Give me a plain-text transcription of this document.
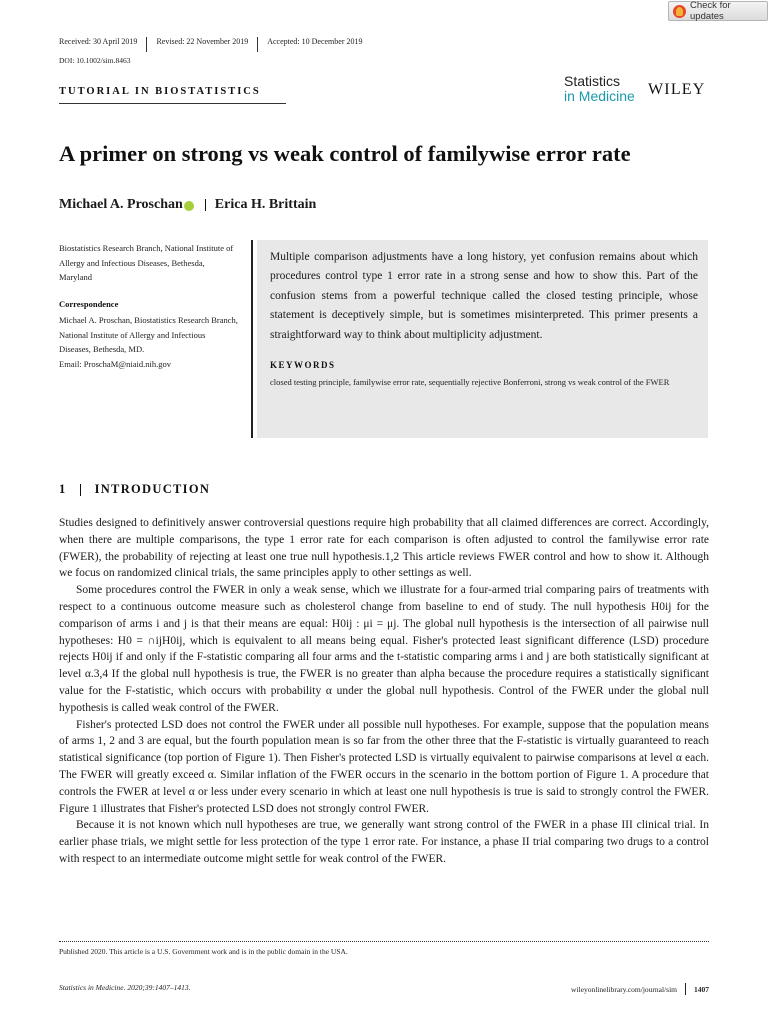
Check for updates
Received: 30 April 2019	Revised: 22 November 2019	Accepted: 10 December 2019
DOI: 10.1002/sim.8463
TUTORIAL IN BIOSTATISTICS
Statistics
in Medicine WILEY
A primer on strong vs weak control of familywise error rate
Michael A. Proschan Erica H. Brittain
Biostatistics Research Branch, National Institute of Allergy and Infectious Diseases, Bethesda, Maryland
Correspondence
Michael A. Proschan, Biostatistics Research Branch, National Institute of Allergy and Infectious Diseases, Bethesda, MD.
Email: ProschaM@niaid.nih.gov

Multiple comparison adjustments have a long history, yet confusion remains about which procedures control type 1 error rate in a strong sense and how to show this. Part of the confusion stems from a powerful technique called the closed testing principle, whose statement is deceptively simple, but is sometimes misinterpreted. This primer presents a straightforward way to think about multiplicity adjustment.

KEYWORDS
closed testing principle, familywise error rate, sequentially rejective Bonferroni, strong vs weak control of the FWER
1 INTRODUCTION

Studies designed to definitively answer controversial questions require high probability that all claimed differences are correct. Accordingly, when there are multiple comparisons, the type 1 error rate for each comparison is often adjusted to control the familywise error rate (FWER), the probability of rejecting at least one true null hypothesis.1,2 This article reviews FWER control and how to show it. Although we focus on randomized clinical trials, the same principles apply to other settings as well.

Some procedures control the FWER in only a weak sense, which we illustrate for a four-armed trial comparing pairs of treatments with respect to a continuous outcome measure such as cholesterol change from baseline to end of study. The null hypothesis H0ij for the comparison of arms i and j is that their means are equal: H0ij : μi = μj. The global null hypothesis is the intersection of all pairwise null hypotheses: H0 = ∩ijH0ij, which is equivalent to all means being equal. Fisher's protected least significant difference (LSD) procedure rejects H0ij if and only if the F-statistic comparing all four arms and the t-statistic comparing arms i and j are both statistically significant at level α.3,4 If the global null hypothesis is true, the FWER is no greater than alpha because the procedure requires a statistically significant value for the F-statistic, which occurs with probability α under the global null hypothesis. Control of the FWER under the global null hypothesis is called weak control of the FWER.

Fisher's protected LSD does not control the FWER under all possible null hypotheses. For example, suppose that the population means of arms 1, 2 and 3 are equal, but the fourth population mean is so far from the other three that the F-statistic is virtually guaranteed to reach statistical significance (top portion of Figure 1). Then Fisher's protected LSD is virtually equivalent to pairwise comparisons at level α each. The FWER will greatly exceed α. Similar inflation of the FWER occurs in the scenario in the bottom portion of Figure 1. A procedure that controls the FWER at level α or less under every scenario in which at least one null hypothesis is true is said to strongly control the FWER. Figure 1 illustrates that Fisher's protected LSD does not strongly control FWER.

Because it is not known which null hypotheses are true, we generally want strong control of the FWER in a phase III clinical trial. In earlier phase trials, we might settle for less protection of the type 1 error rate. For instance, a phase II trial comparing two drugs to a control with respect to an intermediate outcome might settle for weak control of the FWER.

Published 2020. This article is a U.S. Government work and is in the public domain in the USA.
Statistics in Medicine. 2020;39:1407–1413.	wileyonlinelibrary.com/journal/sim 1407
